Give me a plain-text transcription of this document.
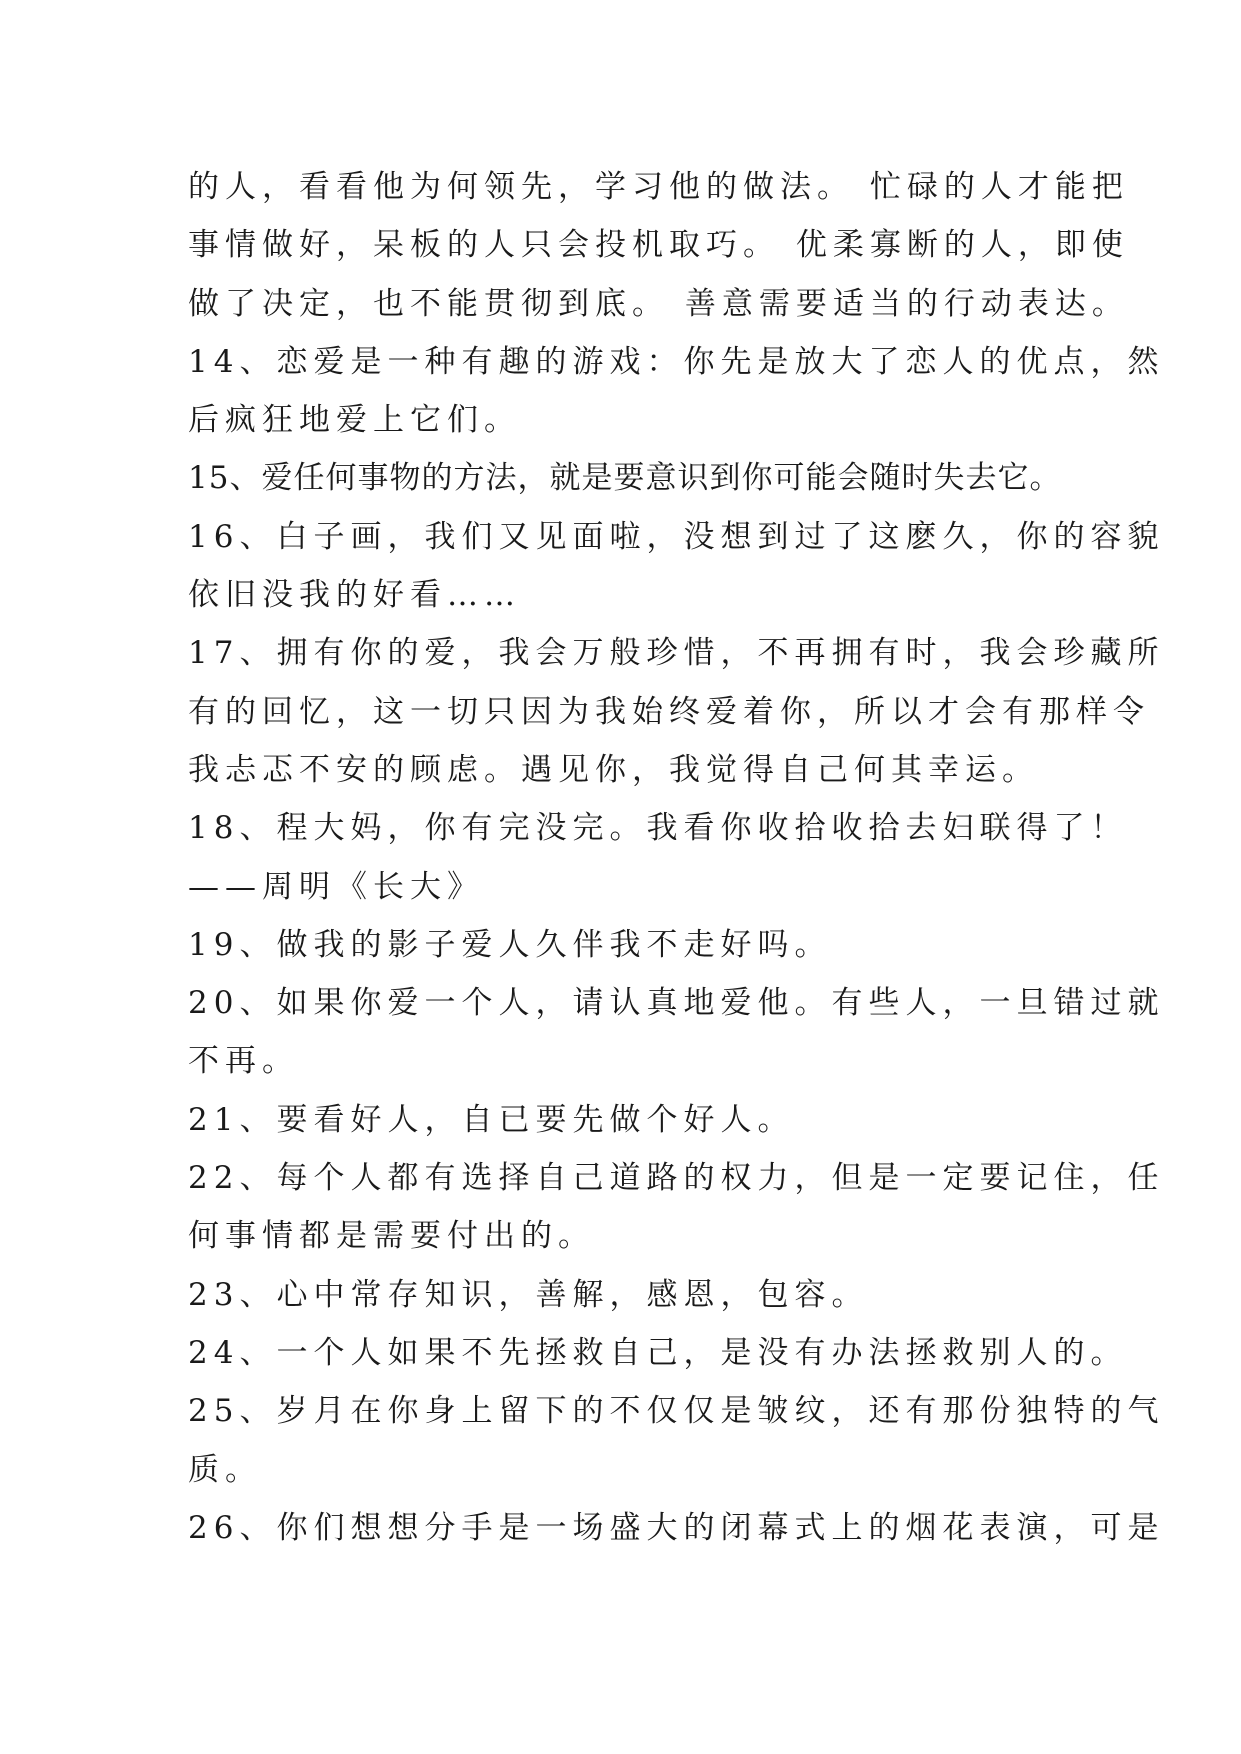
的人，看看他为何领先，学习他的做法。 忙碌的人才能把
事情做好，呆板的人只会投机取巧。 优柔寡断的人，即使
做了决定，也不能贯彻到底。 善意需要适当的行动表达。
14、恋爱是一种有趣的游戏：你先是放大了恋人的优点，然
后疯狂地爱上它们。
15、爱任何事物的方法，就是要意识到你可能会随时失去它。
16、白子画，我们又见面啦，没想到过了这麽久，你的容貌
依旧没我的好看……
17、拥有你的爱，我会万般珍惜，不再拥有时，我会珍藏所
有的回忆，这一切只因为我始终爱着你，所以才会有那样令
我忐忑不安的顾虑。遇见你，我觉得自己何其幸运。
18、程大妈，你有完没完。我看你收拾收拾去妇联得了！
——周明《长大》
19、做我的影子爱人久伴我不走好吗。
20、如果你爱一个人，请认真地爱他。有些人，一旦错过就
不再。
21、要看好人，自已要先做个好人。
22、每个人都有选择自己道路的权力，但是一定要记住，任
何事情都是需要付出的。
23、心中常存知识，善解，感恩，包容。
24、一个人如果不先拯救自己，是没有办法拯救别人的。
25、岁月在你身上留下的不仅仅是皱纹，还有那份独特的气
质。
26、你们想想分手是一场盛大的闭幕式上的烟花表演，可是
